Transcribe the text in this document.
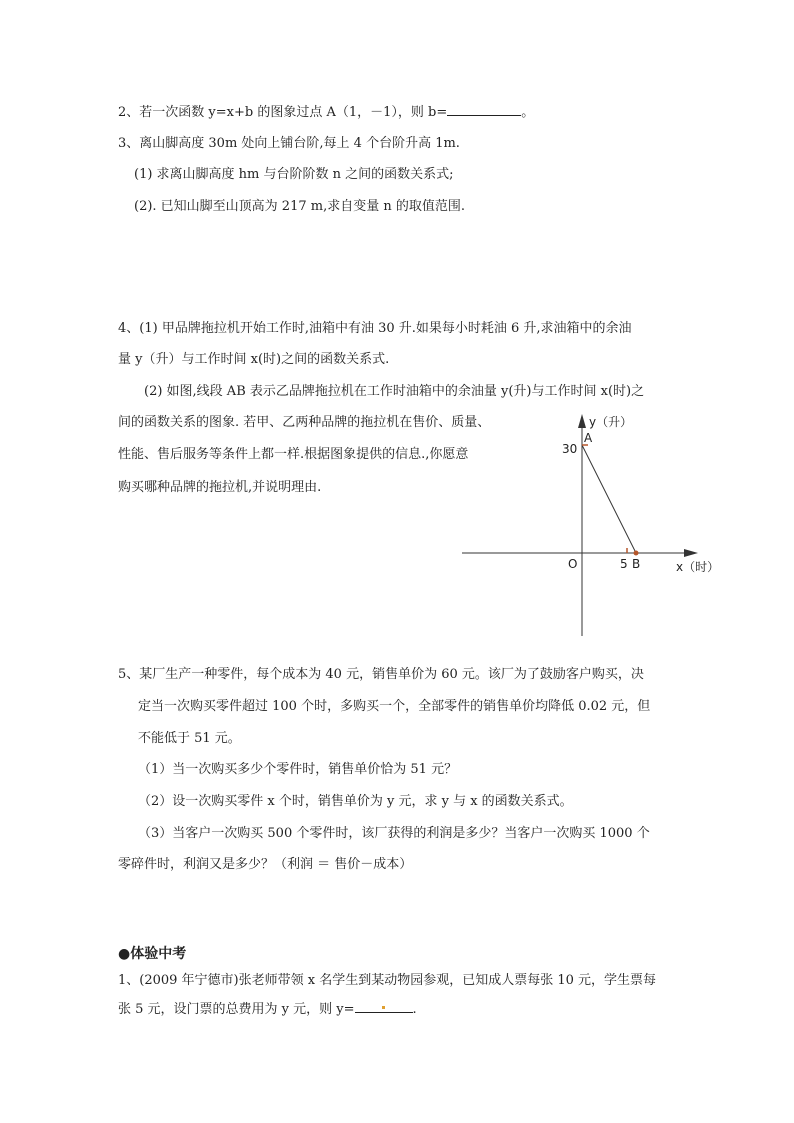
2、若一次函数 y=x+b 的图象过点 A（1，－1），则 b=	。
3、离山脚高度 30m 处向上铺台阶,每上 4 个台阶升高 1m.
(1) 求离山脚高度 hm 与台阶阶数 n 之间的函数关系式;
(2). 已知山脚至山顶高为 217 m,求自变量 n 的取值范围.
4、(1) 甲品牌拖拉机开始工作时,油箱中有油 30 升.如果每小时耗油 6 升,求油箱中的余油
量 y（升）与工作时间 x(时)之间的函数关系式.
(2) 如图,线段 AB 表示乙品牌拖拉机在工作时油箱中的余油量 y(升)与工作时间 x(时)之
间的函数关系的图象. 若甲、乙两种品牌的拖拉机在售价、质量、
性能、售后服务等条件上都一样.根据图象提供的信息.,你愿意
购买哪种品牌的拖拉机,并说明理由.
y（升）
A
30
O	5 B	x（时）
5、某厂生产一种零件，每个成本为 40 元，销售单价为 60 元。该厂为了鼓励客户购买，决
定当一次购买零件超过 100 个时，多购买一个，全部零件的销售单价均降低 0.02 元，但
不能低于 51 元。
（1）当一次购买多少个零件时，销售单价恰为 51 元？
（2）设一次购买零件 x 个时，销售单价为 y 元，求 y 与 x 的函数关系式。
（3）当客户一次购买 500 个零件时，该厂获得的利润是多少？当客户一次购买 1000 个
零碎件时，利润又是多少？（利润 ＝ 售价－成本）
●体验中考
1、(2009 年宁德市)张老师带领 x 名学生到某动物园参观，已知成人票每张 10 元，学生票每
张 5 元，设门票的总费用为 y 元，则 y=	.
